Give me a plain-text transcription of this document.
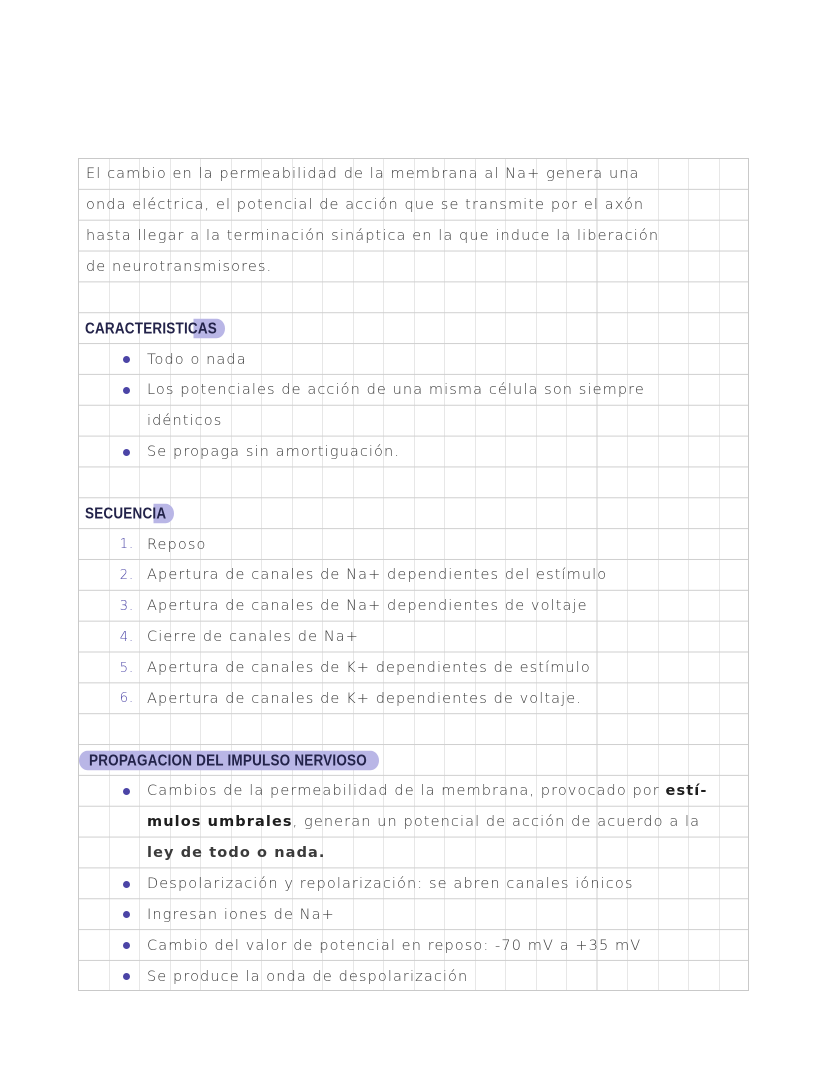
El cambio en la permeabilidad de la membrana al Na+ genera una
onda eléctrica, el potencial de acción que se transmite por el axón
hasta llegar a la terminación sináptica en la que induce la liberación
de neurotransmisores.
CARACTERISTICAS
Todo o nada
Los potenciales de acción de una misma célula son siempre
idénticos
Se propaga sin amortiguación.
SECUENCIA
1. Reposo
2. Apertura de canales de Na+ dependientes del estímulo
3. Apertura de canales de Na+ dependientes de voltaje
4. Cierre de canales de Na+
5. Apertura de canales de K+ dependientes de estímulo
6. Apertura de canales de K+ dependientes de voltaje.
PROPAGACION DEL IMPULSO NERVIOSO
Cambios de la permeabilidad de la membrana, provocado por estí-
mulos umbrales, generan un potencial de acción de acuerdo a la
ley de todo o nada.
Despolarización y repolarización: se abren canales iónicos
Ingresan iones de Na+
Cambio del valor de potencial en reposo: -70 mV a +35 mV
Se produce la onda de despolarización
